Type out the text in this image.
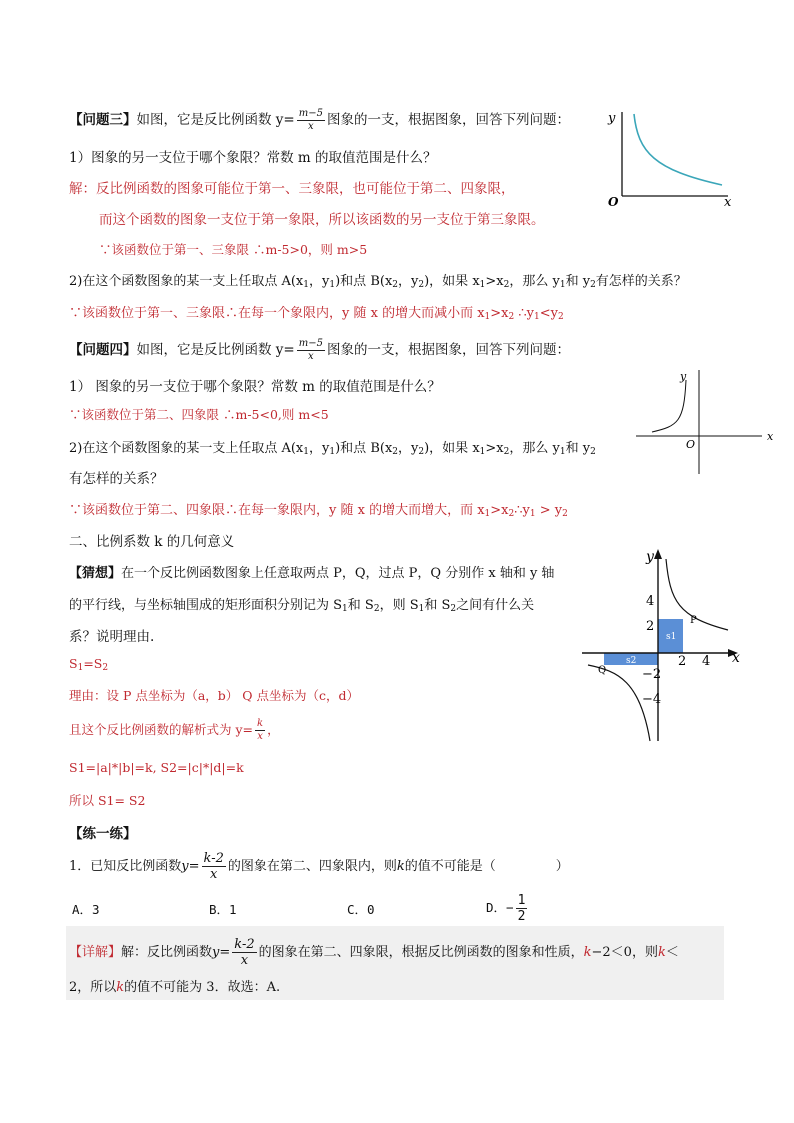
【问题三】如图，它是反比例函数 $y= \frac{m-5}{x}$ 图象的一支，根据图象，回答下列问题：
1）图象的另一支位于哪个象限？常数 m 的取值范围是什么？
解：反比例函数的图象可能位于第一、三象限，也可能位于第二、四象限，
而这个函数的图象一支位于第一象限，所以该函数的另一支位于第三象限。
∵该函数位于第一、三象限 ∴m-5>0，则 m>5
2)在这个函数图象的某一支上任取点 $A(x_1$，$y_1$)和点 $B(x_2$，$y_2$)，如果 $x_1>x_2$，那么 $y_1$和 $y_2$有怎样的关系？
∵该函数位于第一、三象限∴在每一个象限内，y 随 x 的增大而减小而 $x_1>x_2$ $\therefore y_1<y_2$
y
x
O
【问题四】如图，它是反比例函数 $y= \frac{m-5}{x}$ 图象的一支，根据图象，回答下列问题：
1） 图象的另一支位于哪个象限？常数 m 的取值范围是什么？
∵该函数位于第二、四象限 ∴m-5<0,则 m<5
2)在这个函数图象的某一支上任取点 $A(x_1$，$y_1$)和点 $B(x_2$，$y_2$)，如果 $x_1>x_2$，那么 $y_1$和 $y_2$
有怎样的关系？
∵该函数位于第二、四象限∴在每一象限内，y 随 x 的增大而增大，而 $x_1>x_2\therefore y_1 > y_2$
y
x
O
二、比例系数 k 的几何意义
【猜想】在一个反比例函数图象上任意取两点 P，Q，过点 P，Q 分别作 x 轴和 y 轴
的平行线，与坐标轴围成的矩形面积分别记为 $S_1$和 $S_2$，则 $S_1$和 $S_2$之间有什么关
系？说明理由.
$S_1=S_2$
理由：设 P 点坐标为（a，b） Q 点坐标为（c，d）
且这个反比例函数的解析式为 $y= \frac{k}{x}$ ，
S1=|a|*|b|=k, S2=|c|*|d|=k
所以 S1= S2
y
x
4
2
−2
−4
2 4
P
Q
s1
s2
【练一练】
1．已知反比例函数$y= \frac{k-2}{x}$ 的图象在第二、四象限内，则k的值不可能是（	）
A．3	B．1	C．0	D．− $\frac{1}{2}$
【详解】解：反比例函数$y= \frac{k-2}{x}$ 的图象在第二、四象限，根据反比例函数的图象和性质，k−2＜0，则k＜
2，所以k的值不可能为 3．故选：A.
